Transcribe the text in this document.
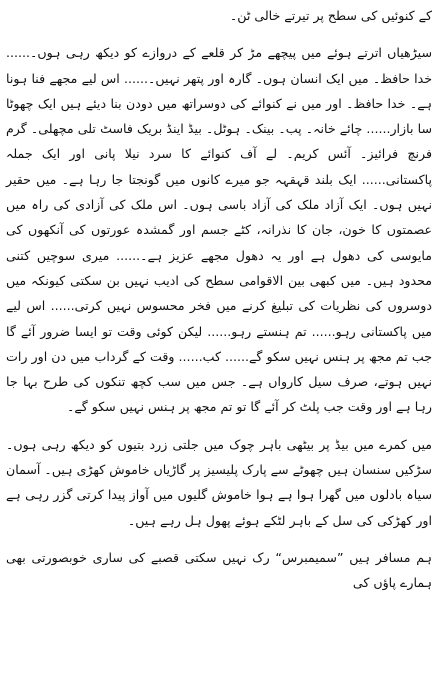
کے کنوئیں کی سطح پر تیرتے خالی ٹن۔

سیڑھیاں اترتے ہوئے میں پیچھے مڑ کر قلعے کے دروازے کو دیکھ رہی ہوں۔...... خدا حافظ۔ میں ایک انسان ہوں۔ گارہ اور پتھر نہیں۔...... اس لیے مجھے فنا ہونا ہے۔ خدا حافظ۔ اور میں نے کنوائے کی دوسراتھ میں دودن بنا دیئے ہیں ایک چھوٹا سا بازار...... چائے خانہ۔ پب۔ بینک۔ ہوٹل۔ بیڈ اینڈ بریک فاسٹ تلی مچھلی۔ گرم فرنچ فرائیز۔ آئس کریم۔ لے آف کنوائے کا سرد نیلا پانی اور ایک جملہ پاکستانی...... ایک بلند قہقہہ جو میرے کانوں میں گونجتا جا رہا ہے۔ میں حقیر نہیں ہوں۔ ایک آزاد ملک کی آزاد باسی ہوں۔ اس ملک کی آزادی کی راہ میں عصمتوں کا خون، جان کا نذرانہ، کٹے جسم اور گمشدہ عورتوں کی آنکھوں کی مایوسی کی دھول ہے اور یہ دھول مجھے عزیز ہے۔...... میری سوچیں کتنی محدود ہیں۔ میں کبھی بین الاقوامی سطح کی ادیب نہیں بن سکتی کیونکہ میں دوسروں کی نظریات کی تبلیغ کرنے میں فخر محسوس نہیں کرتی...... اس لیے میں پاکستانی رہو...... تم ہنستے رہو...... لیکن کوئی وقت تو ایسا ضرور آئے گا جب تم مجھ پر ہنس نہیں سکو گے...... کب...... وقت کے گرداب میں دن اور رات نہیں ہوتے، صرف سیل کارواں ہے۔ جس میں سب کچھ تنکوں کی طرح بہا جا رہا ہے اور وقت جب پلٹ کر آئے گا تو تم مجھ پر ہنس نہیں سکو گے۔

میں کمرے میں بیڈ پر بیٹھی باہر چوک میں جلتی زرد بتیوں کو دیکھ رہی ہوں۔ سڑکیں سنسان ہیں چھوٹے سے پارک پلیسیز پر گاڑیاں خاموش کھڑی ہیں۔ آسمان سیاہ بادلوں میں گھرا ہوا ہے ہوا خاموش گلیوں میں آواز پیدا کرتی گزر رہی ہے اور کھڑکی کی سل کے باہر لٹکے ہوئے پھول ہل رہے ہیں۔

ہم مسافر ہیں ”سمیمبرس“ رک نہیں سکتی قصبے کی ساری خوبصورتی بھی ہمارے پاؤں کی
